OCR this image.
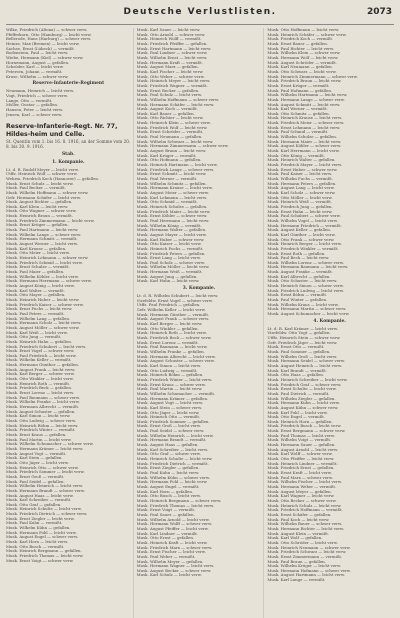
Deutsche Verlustlisten.	2073
Wilke, Friedrich (Altona) — schwer verw.
Pfefferkorn, Otto (Hamburg) — leicht verw.
Bellerode, Hans (Harburg) — schwer verw.
Heinze, Max (Bremen) — leicht verw.
Sachse, Ernst (Lübeck) — vermißt.
Bodenstein, Paul — leicht verw.
Wiebe, Hermann (Kiel) — schwer verw.
Hornemann, August — gefallen.
Schröder, Karl — leicht verw.
Petersen, Johann — vermißt.
Kruse, Wilhelm — schwer verw.
Reserve-Infanterie-Regiment
Neumann, Heinrich — leicht verw.
Vogt, Friedrich — schwer verw.
Lange, Otto — vermißt.
Möller, Gustav — gefallen.
Hansen, Peter — leicht verw.
Jensen, Karl — schwer verw.
Reserve-Infanterie-Regt. Nr. 77, Hildes-heim und Celle.
St. Quentin vom 1. bis 16. 8. 1916, an der Somme vom 20. 8. bis 30. 9. 1916.
Stab.
1. Kompanie.
Lt. d. R. Rudolf Meyer — leicht verw.
Utffz. Heinrich Wolf — schwer verw.
Wehrm. Friedrich Koch (Hannover) — gefallen.
Musk. Ernst Schulz — leicht verw.
Musk. Paul Becker — vermißt.
Musk. Wilhelm Hoffmann — schwer verw.
Gefr. Hermann Schäfer — leicht verw.
Musk. August Richter — gefallen.
Musk. Karl Klein — leicht verw.
Musk. Otto Wagner — schwer verw.
Musk. Heinrich Braun — vermißt.
Musk. Friedrich Zimmermann — leicht verw.
Musk. Ernst Krüger — gefallen.
Musk. Paul Hartmann — leicht verw.
Musk. Wilhelm Lange — schwer verw.
Musk. Hermann Schmitt — vermißt.
Musk. August Werner — leicht verw.
Musk. Karl Krause — gefallen.
Musk. Otto Meier — leicht verw.
Musk. Heinrich Lehmann — schwer verw.
Musk. Friedrich Schmid — leicht verw.
Musk. Ernst Schulze — vermißt.
Musk. Paul Maier — gefallen.
Musk. Wilhelm Köhler — leicht verw.
Musk. Hermann Herrmann — schwer verw.
Musk. August König — leicht verw.
Musk. Karl Walter — vermißt.
Musk. Otto Mayer — gefallen.
Musk. Heinrich Huber — leicht verw.
Musk. Friedrich Kaiser — schwer verw.
Musk. Ernst Fuchs — leicht verw.
Musk. Paul Peters — vermißt.
Musk. Wilhelm Lang — gefallen.
Musk. Hermann Scholz — leicht verw.
Musk. August Möller — schwer verw.
Musk. Karl Weiß — leicht verw.
Musk. Otto Jung — vermißt.
Musk. Heinrich Hahn — gefallen.
Musk. Friedrich Schubert — leicht verw.
Musk. Ernst Vogel — schwer verw.
Musk. Paul Friedrich — leicht verw.
Musk. Wilhelm Keller — vermißt.
Musk. Hermann Günther — gefallen.
Musk. August Frank — leicht verw.
Musk. Karl Berger — schwer verw.
Musk. Otto Winkler — leicht verw.
Musk. Heinrich Roth — vermißt.
Musk. Friedrich Beck — gefallen.
Musk. Ernst Lorenz — leicht verw.
Musk. Paul Baumann — schwer verw.
Musk. Wilhelm Franke — leicht verw.
Musk. Hermann Albrecht — vermißt.
Musk. August Schuster — gefallen.
Musk. Karl Simon — leicht verw.
Musk. Otto Ludwig — schwer verw.
Musk. Heinrich Böhm — leicht verw.
Musk. Friedrich Winter — vermißt.
Musk. Ernst Kraus — gefallen.
Musk. Paul Martin — leicht verw.
Musk. Wilhelm Schumacher — schwer verw.
Musk. Hermann Krämer — leicht verw.
Musk. August Vogt — vermißt.
Musk. Karl Stein — gefallen.
Musk. Otto Jäger — leicht verw.
Musk. Heinrich Otto — schwer verw.
Musk. Friedrich Sommer — leicht verw.
Musk. Ernst Groß — vermißt.
Musk. Paul Seidel — gefallen.
Musk. Wilhelm Heinrich — leicht verw.
Musk. Hermann Brandt — schwer verw.
Musk. August Haas — leicht verw.
Musk. Karl Schreiber — vermißt.
Musk. Otto Graf — gefallen.
Musk. Heinrich Schulte — leicht verw.
Musk. Friedrich Dietrich — schwer verw.
Musk. Ernst Ziegler — leicht verw.
Musk. Paul Kuhn — vermißt.
Musk. Wilhelm Kühn — gefallen.
Musk. Hermann Pohl — leicht verw.
Musk. August Engel — schwer verw.
Musk. Karl Horn — leicht verw.
Musk. Otto Busch — vermißt.
Musk. Heinrich Bergmann — gefallen.
Musk. Friedrich Thomas — leicht verw.
Musk. Ernst Voigt — schwer verw.
Musk. Karl Sauer — leicht verw.
Musk. Otto Arnold — schwer verw.
Musk. Heinrich Wolff — vermißt.
Musk. Friedrich Pfeiffer — gefallen.
Musk. Ernst Hartmann — leicht verw.
Musk. Paul Lindner — schwer verw.
Musk. Wilhelm Ernst — leicht verw.
Musk. Hermann Kraft — vermißt.
Musk. August Marx — gefallen.
Musk. Karl Fischer — leicht verw.
Musk. Otto Weber — schwer verw.
Musk. Heinrich Meyer — leicht verw.
Musk. Friedrich Wagner — vermißt.
Musk. Ernst Becker — gefallen.
Musk. Paul Schulz — leicht verw.
Musk. Wilhelm Hoffmann — schwer verw.
Musk. Hermann Schäfer — leicht verw.
Musk. August Koch — vermißt.
Musk. Karl Bauer — gefallen.
Musk. Otto Richter — leicht verw.
Musk. Heinrich Klein — schwer verw.
Musk. Friedrich Wolf — leicht verw.
Musk. Ernst Schröder — vermißt.
Musk. Paul Neumann — gefallen.
Musk. Wilhelm Schwarz — leicht verw.
Musk. Hermann Zimmermann — schwer verw.
Musk. August Braun — leicht verw.
Musk. Karl Krüger — vermißt.
Musk. Otto Hofmann — gefallen.
Musk. Heinrich Hartmann — leicht verw.
Musk. Friedrich Lange — schwer verw.
Musk. Ernst Schmitt — leicht verw.
Musk. Paul Werner — vermißt.
Musk. Wilhelm Schmitz — gefallen.
Musk. Hermann Krause — leicht verw.
Musk. August Meier — schwer verw.
Musk. Karl Lehmann — leicht verw.
Musk. Otto Schmid — vermißt.
Musk. Heinrich Schulze — gefallen.
Musk. Friedrich Maier — leicht verw.
Musk. Ernst Köhler — schwer verw.
Musk. Paul Herrmann — leicht verw.
Musk. Wilhelm König — vermißt.
Musk. Hermann Walter — gefallen.
Musk. August Mayer — leicht verw.
Musk. Karl Huber — schwer verw.
Musk. Otto Kaiser — leicht verw.
Musk. Heinrich Fuchs — vermißt.
Musk. Friedrich Peters — gefallen.
Musk. Ernst Lang — leicht verw.
Musk. Paul Scholz — schwer verw.
Musk. Wilhelm Möller — leicht verw.
Musk. Hermann Weiß — vermißt.
Musk. August Jung — gefallen.
Musk. Karl Hahn — leicht verw.
3. Kompanie.
Lt. d. R. Wilhelm Schubert — leicht verw.
Vizefeldw. Ernst Vogel — schwer verw.
Utffz. Paul Friedrich — gefallen.
Gefr. Wilhelm Keller — leicht verw.
Musk. Hermann Günther — vermißt.
Musk. August Frank — schwer verw.
Musk. Karl Berger — leicht verw.
Musk. Otto Winkler — gefallen.
Musk. Heinrich Roth — leicht verw.
Musk. Friedrich Beck — schwer verw.
Musk. Ernst Lorenz — vermißt.
Musk. Paul Baumann — leicht verw.
Musk. Wilhelm Franke — gefallen.
Musk. Hermann Albrecht — leicht verw.
Musk. August Schuster — schwer verw.
Musk. Karl Simon — leicht verw.
Musk. Otto Ludwig — vermißt.
Musk. Heinrich Böhm — gefallen.
Musk. Friedrich Winter — leicht verw.
Musk. Ernst Kraus — schwer verw.
Musk. Paul Martin — leicht verw.
Musk. Wilhelm Schumacher — vermißt.
Musk. Hermann Krämer — gefallen.
Musk. August Vogt — leicht verw.
Musk. Karl Stein — schwer verw.
Musk. Otto Jäger — leicht verw.
Musk. Heinrich Otto — vermißt.
Musk. Friedrich Sommer — gefallen.
Musk. Ernst Groß — leicht verw.
Musk. Paul Seidel — schwer verw.
Musk. Wilhelm Heinrich — leicht verw.
Musk. Hermann Brandt — vermißt.
Musk. August Haas — gefallen.
Musk. Karl Schreiber — leicht verw.
Musk. Otto Graf — schwer verw.
Musk. Heinrich Schulte — leicht verw.
Musk. Friedrich Dietrich — vermißt.
Musk. Ernst Ziegler — gefallen.
Musk. Paul Kuhn — leicht verw.
Musk. Wilhelm Kühn — schwer verw.
Musk. Hermann Pohl — leicht verw.
Musk. August Engel — vermißt.
Musk. Karl Horn — gefallen.
Musk. Otto Busch — leicht verw.
Musk. Heinrich Bergmann — schwer verw.
Musk. Friedrich Thomas — leicht verw.
Musk. Ernst Voigt — vermißt.
Musk. Paul Sauer — gefallen.
Musk. Wilhelm Arnold — leicht verw.
Musk. Hermann Wolff — schwer verw.
Musk. August Pfeiffer — leicht verw.
Musk. Karl Lindner — vermißt.
Musk. Otto Ernst — gefallen.
Musk. Heinrich Kraft — leicht verw.
Musk. Friedrich Marx — schwer verw.
Musk. Ernst Fischer — leicht verw.
Musk. Paul Weber — vermißt.
Musk. Wilhelm Meyer — gefallen.
Musk. Hermann Wagner — leicht verw.
Musk. August Becker — schwer verw.
Musk. Karl Schulz — leicht verw.
Musk. Otto Hoffmann — leicht verw.
Musk. Heinrich Schäfer — schwer verw.
Musk. Friedrich Koch — vermißt.
Musk. Ernst Bauer — gefallen.
Musk. Paul Richter — leicht verw.
Musk. Wilhelm Klein — schwer verw.
Musk. Hermann Wolf — leicht verw.
Musk. August Schröder — vermißt.
Musk. Karl Neumann — gefallen.
Musk. Otto Schwarz — leicht verw.
Musk. Heinrich Zimmermann — schwer verw.
Musk. Friedrich Braun — leicht verw.
Musk. Ernst Krüger — vermißt.
Musk. Paul Hofmann — gefallen.
Musk. Wilhelm Hartmann — leicht verw.
Musk. Hermann Lange — schwer verw.
Musk. August Schmitt — leicht verw.
Musk. Karl Werner — vermißt.
Musk. Otto Schmitz — gefallen.
Musk. Heinrich Krause — leicht verw.
Musk. Friedrich Meier — schwer verw.
Musk. Ernst Lehmann — leicht verw.
Musk. Paul Schmid — vermißt.
Musk. Wilhelm Schulze — gefallen.
Musk. Hermann Maier — leicht verw.
Musk. August Köhler — schwer verw.
Musk. Karl Herrmann — leicht verw.
Musk. Otto König — vermißt.
Musk. Heinrich Walter — gefallen.
Musk. Friedrich Mayer — leicht verw.
Musk. Ernst Huber — schwer verw.
Musk. Paul Kaiser — leicht verw.
Musk. Wilhelm Fuchs — vermißt.
Musk. Hermann Peters — gefallen.
Musk. August Lang — leicht verw.
Musk. Karl Scholz — schwer verw.
Musk. Otto Möller — leicht verw.
Musk. Heinrich Weiß — vermißt.
Musk. Friedrich Jung — gefallen.
Musk. Ernst Hahn — leicht verw.
Musk. Paul Schubert — schwer verw.
Musk. Wilhelm Vogel — leicht verw.
Musk. Hermann Friedrich — vermißt.
Musk. August Keller — gefallen.
Musk. Karl Günther — leicht verw.
Musk. Otto Frank — schwer verw.
Musk. Heinrich Berger — leicht verw.
Musk. Friedrich Winkler — vermißt.
Musk. Ernst Roth — gefallen.
Musk. Paul Beck — leicht verw.
Musk. Wilhelm Lorenz — schwer verw.
Musk. Hermann Baumann — leicht verw.
Musk. August Franke — vermißt.
Musk. Karl Albrecht — gefallen.
Musk. Otto Schuster — leicht verw.
Musk. Heinrich Simon — schwer verw.
Musk. Friedrich Ludwig — leicht verw.
Musk. Ernst Böhm — vermißt.
Musk. Paul Winter — gefallen.
Musk. Wilhelm Kraus — leicht verw.
Musk. Hermann Martin — schwer verw.
Musk. August Schumacher — leicht verw.
4. Kompanie.
Lt. d. R. Karl Krämer — leicht verw.
Vizefeldw. Otto Vogt — gefallen.
Utffz. Heinrich Stein — schwer verw.
Gefr. Friedrich Jäger — leicht verw.
Musk. Ernst Otto — vermißt.
Musk. Paul Sommer — gefallen.
Musk. Wilhelm Groß — leicht verw.
Musk. Hermann Seidel — schwer verw.
Musk. August Heinrich — leicht verw.
Musk. Karl Brandt — vermißt.
Musk. Otto Haas — gefallen.
Musk. Heinrich Schreiber — leicht verw.
Musk. Friedrich Graf — schwer verw.
Musk. Ernst Schulte — leicht verw.
Musk. Paul Dietrich — vermißt.
Musk. Wilhelm Ziegler — gefallen.
Musk. Hermann Kuhn — leicht verw.
Musk. August Kühn — schwer verw.
Musk. Karl Pohl — leicht verw.
Musk. Otto Engel — vermißt.
Musk. Heinrich Horn — gefallen.
Musk. Friedrich Busch — leicht verw.
Musk. Ernst Bergmann — schwer verw.
Musk. Paul Thomas — leicht verw.
Musk. Wilhelm Voigt — vermißt.
Musk. Hermann Sauer — gefallen.
Musk. August Arnold — leicht verw.
Musk. Karl Wolff — schwer verw.
Musk. Otto Pfeiffer — leicht verw.
Musk. Heinrich Lindner — vermißt.
Musk. Friedrich Ernst — gefallen.
Musk. Ernst Kraft — leicht verw.
Musk. Paul Marx — schwer verw.
Musk. Wilhelm Fischer — leicht verw.
Musk. Hermann Weber — vermißt.
Musk. August Meyer — gefallen.
Musk. Karl Wagner — leicht verw.
Musk. Otto Becker — schwer verw.
Musk. Heinrich Schulz — leicht verw.
Musk. Friedrich Hoffmann — vermißt.
Musk. Ernst Schäfer — gefallen.
Musk. Paul Koch — leicht verw.
Musk. Wilhelm Bauer — schwer verw.
Musk. Hermann Richter — leicht verw.
Musk. August Klein — vermißt.
Musk. Karl Wolf — gefallen.
Musk. Otto Schröder — leicht verw.
Musk. Heinrich Neumann — schwer verw.
Musk. Friedrich Schwarz — leicht verw.
Musk. Ernst Zimmermann — vermißt.
Musk. Paul Braun — gefallen.
Musk. Wilhelm Krüger — leicht verw.
Musk. Hermann Hofmann — schwer verw.
Musk. August Hartmann — leicht verw.
Musk. Karl Lange — vermißt.
